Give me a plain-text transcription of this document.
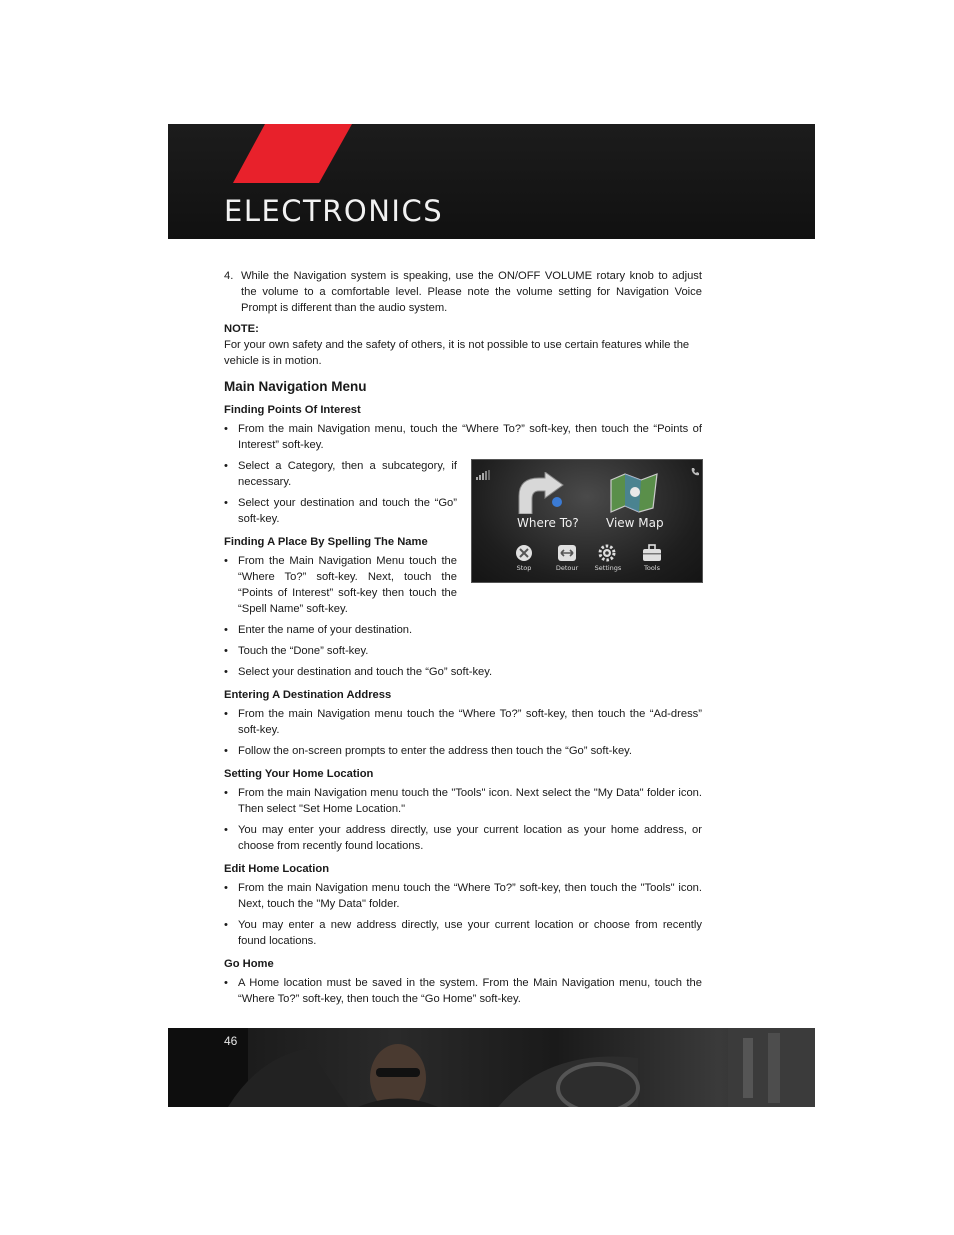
ELECTRONICS
4. While the Navigation system is speaking, use the ON/OFF VOLUME rotary knob to adjust the volume to a comfortable level. Please note the volume setting for Navigation Voice Prompt is different than the audio system.

NOTE:

For your own safety and the safety of others, it is not possible to use certain features while the vehicle is in motion.

Main Navigation Menu
Finding Points Of Interest
• From the main Navigation menu, touch the “Where To?” soft-key, then touch the “Points of Interest” soft-key.
• Select a Category, then a subcategory, if necessary.
• Select your destination and touch the “Go” soft-key.
Finding A Place By Spelling The Name
• From the Main Navigation Menu touch the “Where To?” soft-key. Next, touch the “Points of Interest” soft-key then touch the “Spell Name” soft-key.
• Enter the name of your destination.
• Touch the “Done” soft-key.
• Select your destination and touch the “Go” soft-key.
Entering A Destination Address
• From the main Navigation menu touch the “Where To?” soft-key, then touch the “Ad-dress” soft-key.
• Follow the on-screen prompts to enter the address then touch the “Go” soft-key.
Setting Your Home Location
• From the main Navigation menu touch the "Tools" icon. Next select the "My Data" folder icon. Then select "Set Home Location."
• You may enter your address directly, use your current location as your home address, or choose from recently found locations.
Edit Home Location
• From the main Navigation menu touch the “Where To?” soft-key, then touch the "Tools" icon. Next, touch the "My Data" folder.
• You may enter a new address directly, use your current location or choose from recently found locations.
Go Home
• A Home location must be saved in the system. From the Main Navigation menu, touch the “Where To?” soft-key, then touch the “Go Home” soft-key.
Where To? View Map
Stop	Detour	Settings	Tools
46
